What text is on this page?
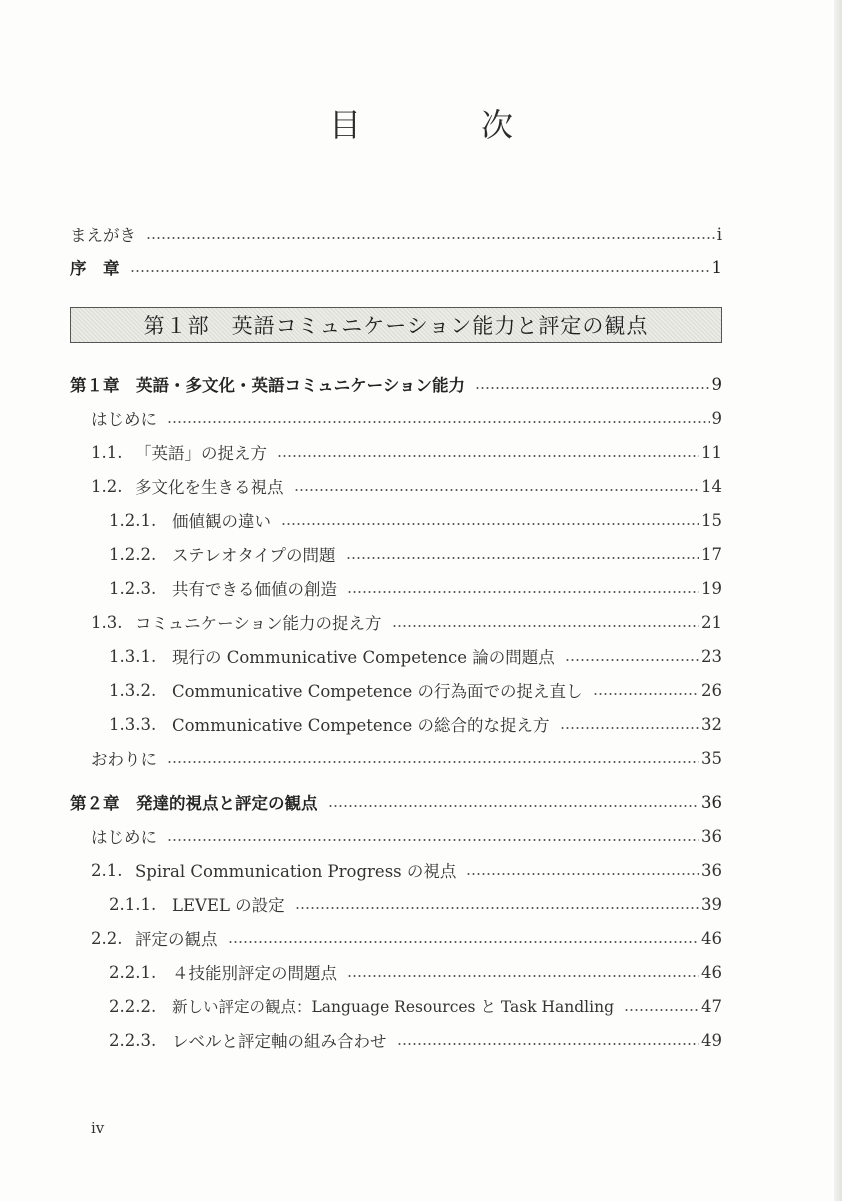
目　次
まえがき	i
序　章	1
第１部　英語コミュニケーション能力と評定の観点
第１章　英語・多文化・英語コミュニケーション能力	9
はじめに	9
1.1. 「英語」の捉え方	11
1.2. 多文化を生きる視点	14
1.2.1. 価値観の違い	15
1.2.2. ステレオタイプの問題	17
1.2.3. 共有できる価値の創造	19
1.3. コミュニケーション能力の捉え方	21
1.3.1. 現行の Communicative Competence 論の問題点	23
1.3.2. Communicative Competence の行為面での捉え直し	26
1.3.3. Communicative Competence の総合的な捉え方	32
おわりに	35
第２章　発達的視点と評定の観点	36
はじめに	36
2.1. Spiral Communication Progress の視点	36
2.1.1. LEVEL の設定	39
2.2. 評定の観点	46
2.2.1. ４技能別評定の問題点	46
2.2.2.	新しい評定の観点：Language Resources と Task Handling	47
2.2.3. レベルと評定軸の組み合わせ	49
iv
